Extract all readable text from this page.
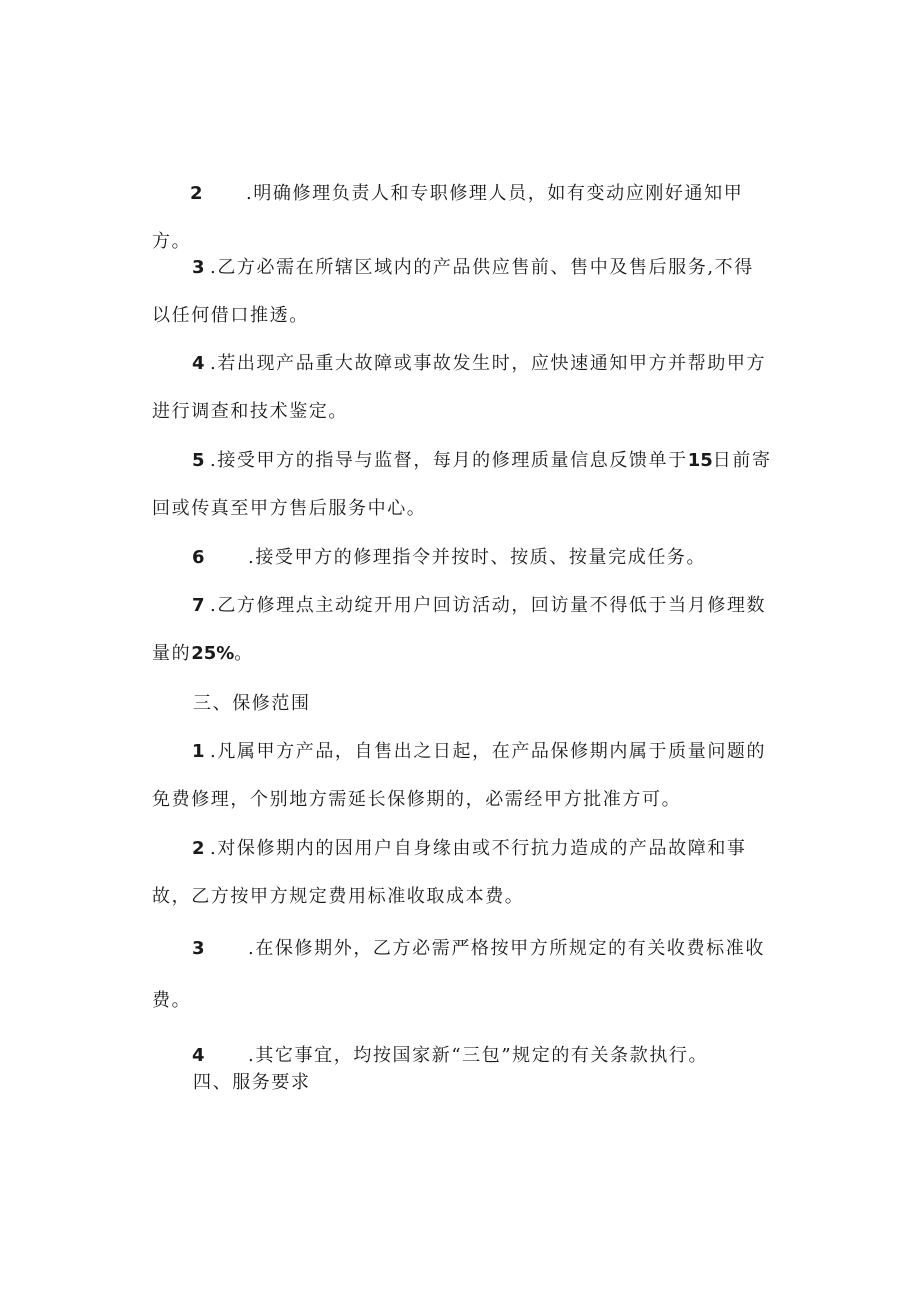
2 .明确修理负责人和专职修理人员，如有变动应刚好通知甲方。

3 .乙方必需在所辖区域内的产品供应售前、售中及售后服务,不得以任何借口推透。

4 .若出现产品重大故障或事故发生时，应快速通知甲方并帮助甲方进行调查和技术鉴定。

5 .接受甲方的指导与监督，每月的修理质量信息反馈单于15日前寄回或传真至甲方售后服务中心。

6 .接受甲方的修理指令并按时、按质、按量完成任务。

7 .乙方修理点主动绽开用户回访活动，回访量不得低于当月修理数量的25%。

三、保修范围

1 .凡属甲方产品，自售出之日起，在产品保修期内属于质量问题的免费修理，个别地方需延长保修期的，必需经甲方批准方可。

2 .对保修期内的因用户自身缘由或不行抗力造成的产品故障和事故，乙方按甲方规定费用标准收取成本费。

3 .在保修期外，乙方必需严格按甲方所规定的有关收费标准收费。

4 .其它事宜，均按国家新“三包”规定的有关条款执行。

四、服务要求
